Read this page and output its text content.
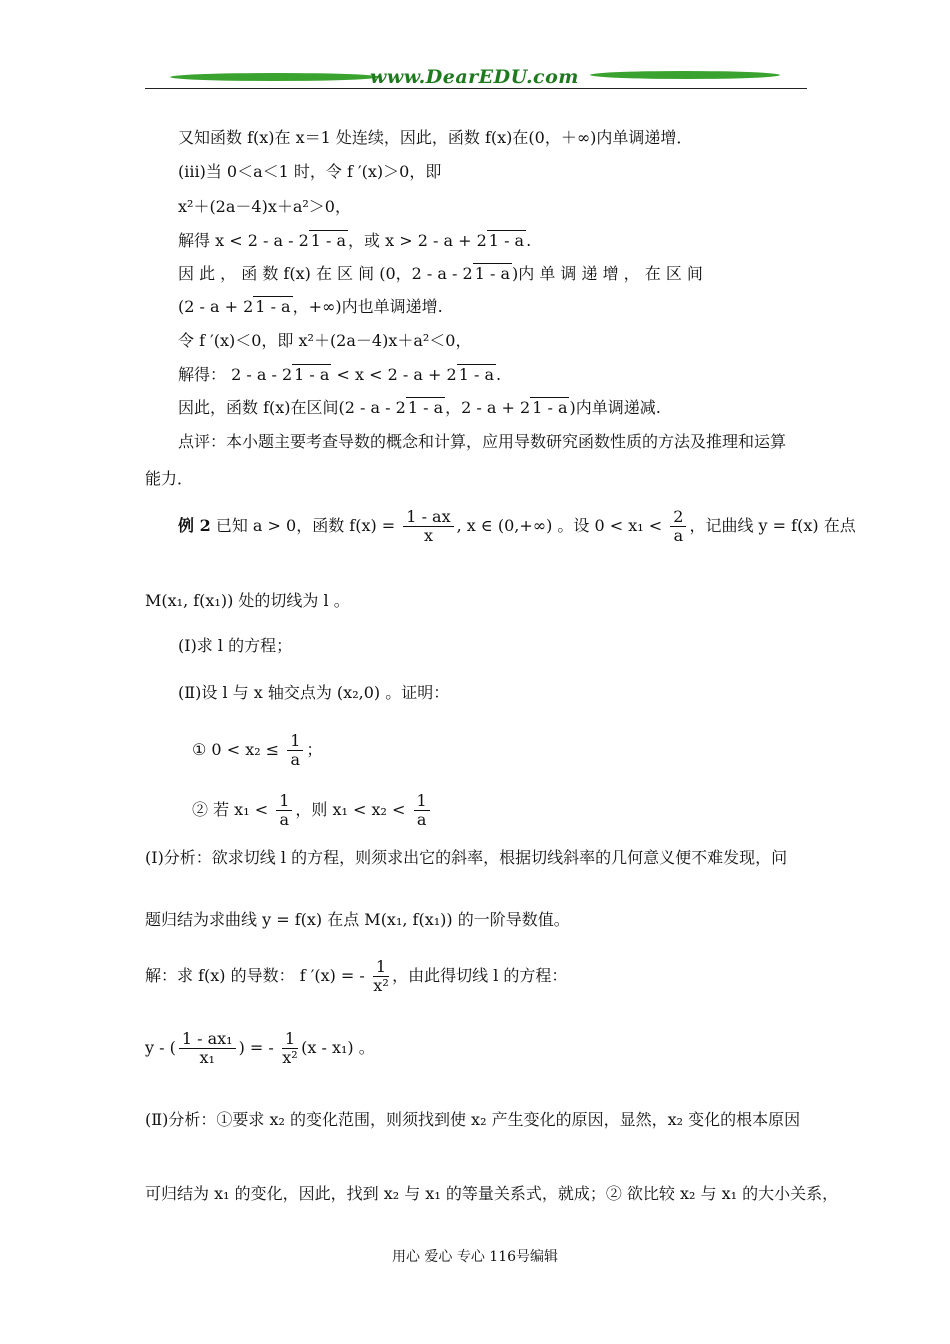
www.DearEDU.com
又知函数 f(x)在 x＝1 处连续，因此，函数 f(x)在(0，＋∞)内单调递增．
(iii)当 0＜a＜1 时，令 f ′(x)＞0，即
x²＋(2a－4)x＋a²＞0，
解得 x < 2 - a - 2 1 - a ，或 x > 2 - a + 2 1 - a .
因 此 ， 函 数 f(x) 在 区 间 (0，2 - a - 2 1 - a )内 单 调 递 增 ， 在 区 间
(2 - a + 2 1 - a ，+∞)内也单调递增.
令 f ′(x)＜0，即 x²＋(2a－4)x＋a²＜0，
解得： 2 - a - 2 1 - a < x < 2 - a + 2 1 - a .
因此，函数 f(x)在区间(2 - a - 2 1 - a ，2 - a + 2 1 - a )内单调递减.
点评：本小题主要考查导数的概念和计算，应用导数研究函数性质的方法及推理和运算
能力．
例 2 已知 a > 0，函数 $f(x) = \frac{1 - ax}{x}$ , x ∈ (0,+∞) 。设 $0 < x_1 < \frac{2}{a}$ ，记曲线 y = f(x) 在点
M(x₁, f(x₁)) 处的切线为 l 。
(Ⅰ)求 l 的方程；
(Ⅱ)设 l 与 x 轴交点为 (x₂,0) 。证明：
① $0 < x_2 \le \frac{1}{a}$ ；
② 若 $x_1 < \frac{1}{a}$ ，则 $x_1 < x_2 < \frac{1}{a}$
(Ⅰ)分析：欲求切线 l 的方程，则须求出它的斜率，根据切线斜率的几何意义便不难发现，问
题归结为求曲线 y = f(x) 在点 M(x₁, f(x₁)) 的一阶导数值。
解：求 f(x) 的导数： f ′(x) = - $\frac{1}{\text{x²}}$ ，由此得切线 l 的方程：
y - ( $\frac{\text{1 - ax₁}}{\text{x₁}}$ ) = - $\frac{1}{\text{x²}} (x - x_1)$ 。
(Ⅱ)分析：①要求 x₂ 的变化范围，则须找到使 x₂ 产生变化的原因，显然，x₂ 变化的根本原因
可归结为 x₁ 的变化，因此，找到 x₂ 与 x₁ 的等量关系式，就成；② 欲比较 x₂ 与 x₁ 的大小关系，
用心 爱心 专心 116号编辑
